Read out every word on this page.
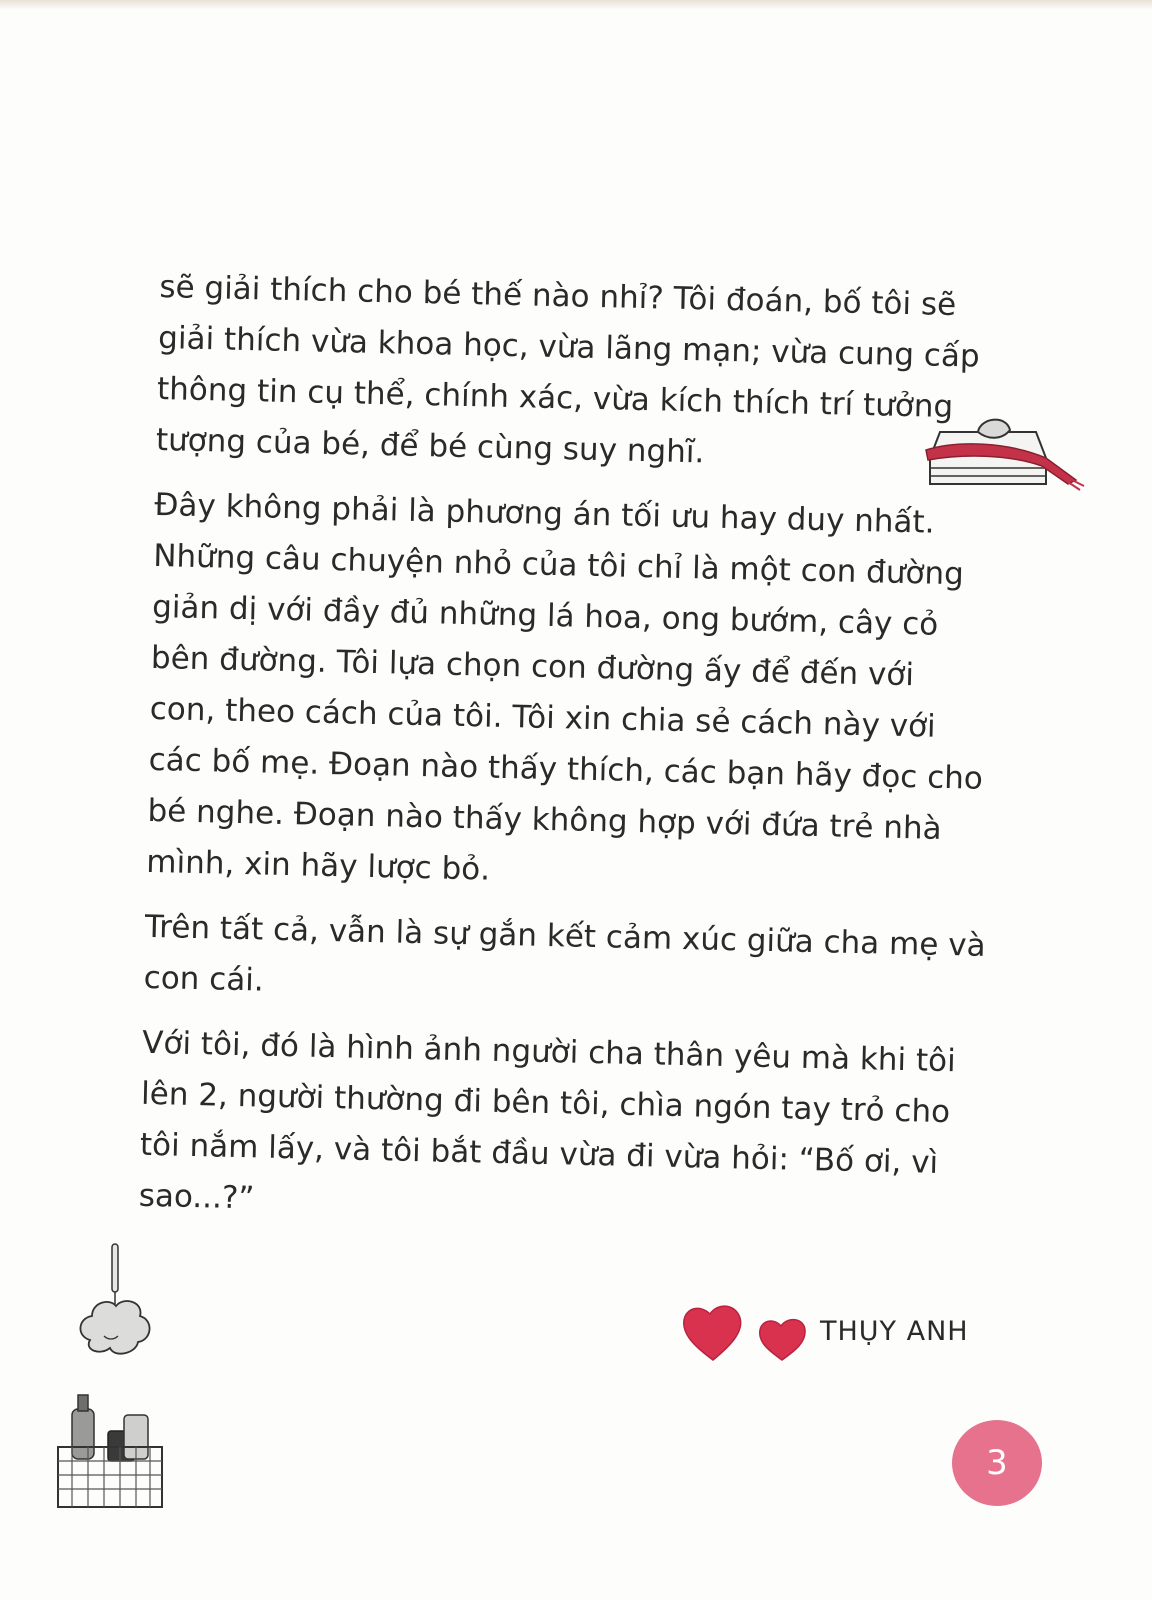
sẽ giải thích cho bé thế nào nhỉ? Tôi đoán, bố tôi sẽ
giải thích vừa khoa học, vừa lãng mạn; vừa cung cấp
thông tin cụ thể, chính xác, vừa kích thích trí tưởng
tượng của bé, để bé cùng suy nghĩ.

Đây không phải là phương án tối ưu hay duy nhất.
Những câu chuyện nhỏ của tôi chỉ là một con đường
giản dị với đầy đủ những lá hoa, ong bướm, cây cỏ
bên đường. Tôi lựa chọn con đường ấy để đến với
con, theo cách của tôi. Tôi xin chia sẻ cách này với
các bố mẹ. Đoạn nào thấy thích, các bạn hãy đọc cho
bé nghe. Đoạn nào thấy không hợp với đứa trẻ nhà
mình, xin hãy lược bỏ.

Trên tất cả, vẫn là sự gắn kết cảm xúc giữa cha mẹ và
con cái.

Với tôi, đó là hình ảnh người cha thân yêu mà khi tôi
lên 2, người thường đi bên tôi, chìa ngón tay trỏ cho
tôi nắm lấy, và tôi bắt đầu vừa đi vừa hỏi: “Bố ơi, vì
sao...?”

THỤY ANH
3
